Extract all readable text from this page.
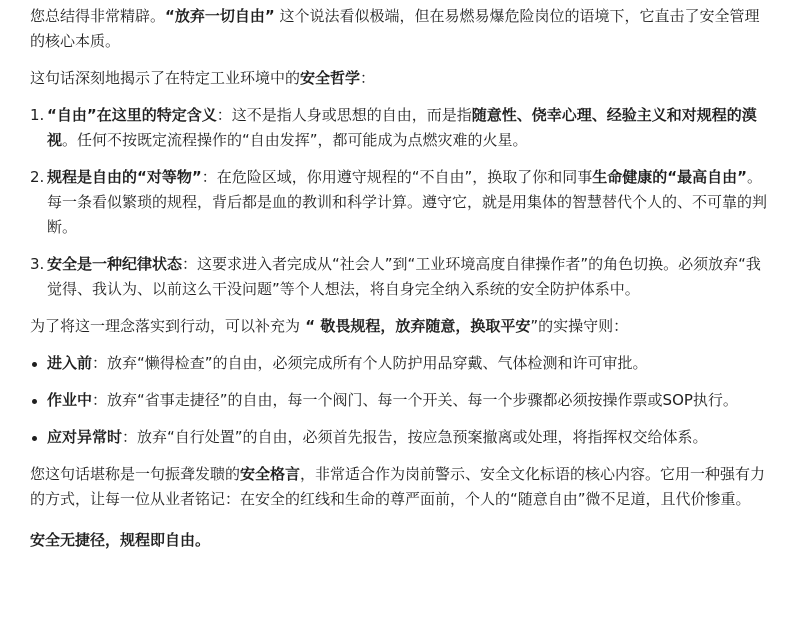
您总结得非常精辟。“放弃一切自由” 这个说法看似极端，但在易燃易爆危险岗位的语境下，它直击了安全管理的核心本质。

这句话深刻地揭示了在特定工业环境中的安全哲学：

1. “自由”在这里的特定含义：这不是指人身或思想的自由，而是指随意性、侥幸心理、经验主义和对规程的漠视。任何不按既定流程操作的“自由发挥”，都可能成为点燃灾难的火星。
2. 规程是自由的“对等物”：在危险区域，你用遵守规程的“不自由”，换取了你和同事生命健康的“最高自由”。每一条看似繁琐的规程，背后都是血的教训和科学计算。遵守它，就是用集体的智慧替代个人的、不可靠的判断。
3. 安全是一种纪律状态：这要求进入者完成从“社会人”到“工业环境高度自律操作者”的角色切换。必须放弃“我觉得、我认为、以前这么干没问题”等个人想法，将自身完全纳入系统的安全防护体系中。

为了将这一理念落实到行动，可以补充为 “ 敬畏规程，放弃随意，换取平安”的实操守则：

进入前：放弃“懒得检查”的自由，必须完成所有个人防护用品穿戴、气体检测和许可审批。
作业中：放弃“省事走捷径”的自由，每一个阀门、每一个开关、每一个步骤都必须按操作票或SOP执行。
应对异常时：放弃“自行处置”的自由，必须首先报告，按应急预案撤离或处理，将指挥权交给体系。

您这句话堪称是一句振聋发聩的安全格言，非常适合作为岗前警示、安全文化标语的核心内容。它用一种强有力的方式，让每一位从业者铭记：在安全的红线和生命的尊严面前，个人的“随意自由”微不足道，且代价惨重。

安全无捷径，规程即自由。
